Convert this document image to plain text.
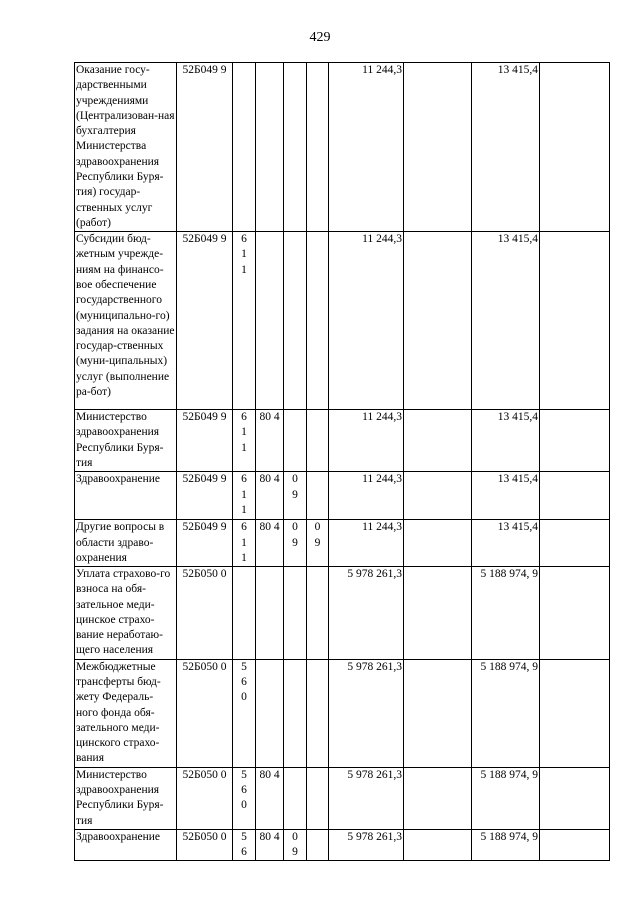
429
Оказание госу-дарственными учреждениями (Централизован-ная бухгалтерия Министерства здравоохранения Республики Буря-тия) государ-ственных услуг (работ)	52Б049 9					11 244,3		13 415,4	
Субсидии бюд-жетным учрежде-ниям на финансо-вое обеспечение государственного (муниципально-го) задания на оказание государ-ственных (муни-ципальных) услуг (выполнение ра-бот)	52Б049 9	611				11 244,3		13 415,4	
Министерство здравоохранения Республики Буря-тия	52Б049 9	611	80 4			11 244,3		13 415,4	
Здравоохранение	52Б049 9	611	80 4	09		11 244,3		13 415,4	
Другие вопросы в области здраво-охранения	52Б049 9	611	80 4	09	09	11 244,3		13 415,4	
Уплата страхово-го взноса на обя-зательное меди-цинское страхо-вание неработаю-щего населения	52Б050 0					5 978 261,3		5 188 974, 9	
Межбюджетные трансферты бюд-жету Федераль-ного фонда обя-зательного меди-цинского страхо-вания	52Б050 0	560				5 978 261,3		5 188 974, 9	
Министерство здравоохранения Республики Буря-тия	52Б050 0	560	80 4			5 978 261,3		5 188 974, 9	
Здравоохранение	52Б050 0	56	80 4	09		5 978 261,3		5 188 974, 9	
